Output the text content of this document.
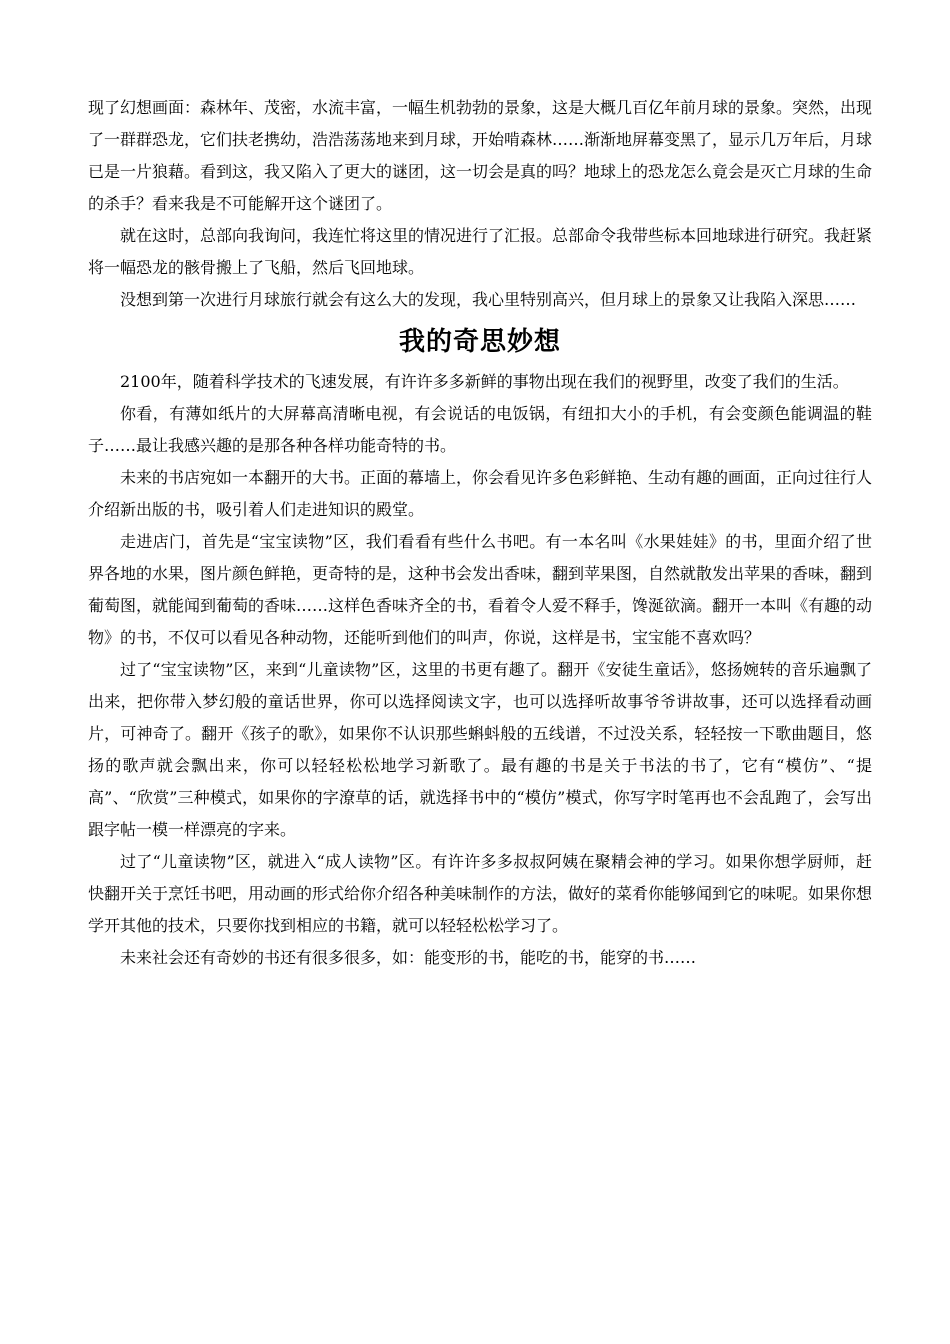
现了幻想画面：森林年、茂密，水流丰富，一幅生机勃勃的景象，这是大概几百亿年前月球的景象。突然，出现了一群群恐龙，它们扶老携幼，浩浩荡荡地来到月球，开始啃森林……渐渐地屏幕变黑了，显示几万年后，月球已是一片狼藉。看到这，我又陷入了更大的谜团，这一切会是真的吗？地球上的恐龙怎么竟会是灭亡月球的生命的杀手？看来我是不可能解开这个谜团了。

就在这时，总部向我询问，我连忙将这里的情况进行了汇报。总部命令我带些标本回地球进行研究。我赶紧将一幅恐龙的骸骨搬上了飞船，然后飞回地球。

没想到第一次进行月球旅行就会有这么大的发现，我心里特别高兴，但月球上的景象又让我陷入深思……

我的奇思妙想

2100年，随着科学技术的飞速发展，有许许多多新鲜的事物出现在我们的视野里，改变了我们的生活。

你看，有薄如纸片的大屏幕高清晰电视，有会说话的电饭锅，有纽扣大小的手机，有会变颜色能调温的鞋子……最让我感兴趣的是那各种各样功能奇特的书。

未来的书店宛如一本翻开的大书。正面的幕墙上，你会看见许多色彩鲜艳、生动有趣的画面，正向过往行人介绍新出版的书，吸引着人们走进知识的殿堂。

走进店门，首先是“宝宝读物”区，我们看看有些什么书吧。有一本名叫《水果娃娃》的书，里面介绍了世界各地的水果，图片颜色鲜艳，更奇特的是，这种书会发出香味，翻到苹果图，自然就散发出苹果的香味，翻到葡萄图，就能闻到葡萄的香味……这样色香味齐全的书，看着令人爱不释手，馋涎欲滴。翻开一本叫《有趣的动物》的书，不仅可以看见各种动物，还能听到他们的叫声，你说，这样是书，宝宝能不喜欢吗？

过了“宝宝读物”区，来到“儿童读物”区，这里的书更有趣了。翻开《安徒生童话》，悠扬婉转的音乐遍飘了出来，把你带入梦幻般的童话世界，你可以选择阅读文字，也可以选择听故事爷爷讲故事，还可以选择看动画片，可神奇了。翻开《孩子的歌》，如果你不认识那些蝌蚪般的五线谱，不过没关系，轻轻按一下歌曲题目，悠扬的歌声就会飘出来，你可以轻轻松松地学习新歌了。最有趣的书是关于书法的书了，它有“模仿”、“提高”、“欣赏”三种模式，如果你的字潦草的话，就选择书中的“模仿”模式，你写字时笔再也不会乱跑了，会写出跟字帖一模一样漂亮的字来。

过了“儿童读物”区，就进入“成人读物”区。有许许多多叔叔阿姨在聚精会神的学习。如果你想学厨师，赶快翻开关于烹饪书吧，用动画的形式给你介绍各种美味制作的方法，做好的菜肴你能够闻到它的味呢。如果你想学开其他的技术，只要你找到相应的书籍，就可以轻轻松松学习了。

未来社会还有奇妙的书还有很多很多，如：能变形的书，能吃的书，能穿的书……
